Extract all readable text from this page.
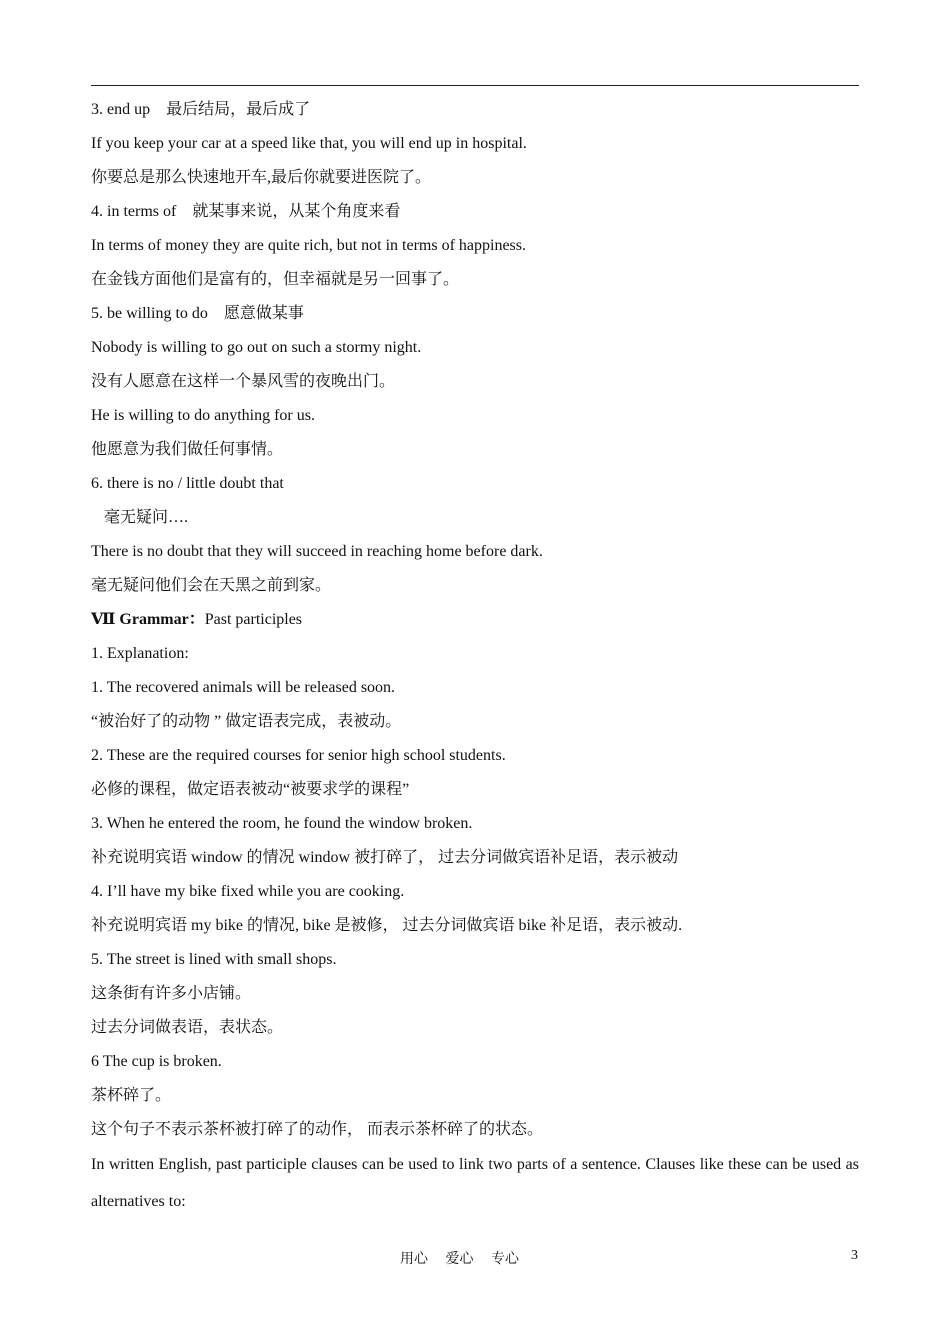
3. end up　最后结局，最后成了
If you keep your car at a speed like that, you will end up in hospital.
你要总是那么快速地开车,最后你就要进医院了。
4. in terms of　就某事来说，从某个角度来看
In terms of money they are quite rich, but not in terms of happiness.
在金钱方面他们是富有的，但幸福就是另一回事了。
5. be willing to do　愿意做某事
Nobody is willing to go out on such a stormy night.
没有人愿意在这样一个暴风雪的夜晚出门。
He is willing to do anything for us.
他愿意为我们做任何事情。
6. there is no / little doubt that
毫无疑问….
There is no doubt that they will succeed in reaching home before dark.
毫无疑问他们会在天黑之前到家。
Ⅶ Grammar：Past participles
1. Explanation:
1. The recovered animals will be released soon.
“被治好了的动物 ” 做定语表完成，表被动。
2. These are the required courses for senior high school students.
必修的课程，做定语表被动“被要求学的课程”
3. When he entered the room, he found the window broken.
补充说明宾语 window 的情况 window 被打碎了， 过去分词做宾语补足语，表示被动
4. I’ll have my bike fixed while you are cooking.
补充说明宾语 my bike 的情况, bike 是被修， 过去分词做宾语 bike 补足语，表示被动.
5. The street is lined with small shops.
这条街有许多小店铺。
过去分词做表语，表状态。
6 The cup is broken.
茶杯碎了。
这个句子不表示茶杯被打碎了的动作， 而表示茶杯碎了的状态。
In written English, past participle clauses can be used to link two parts of a sentence. Clauses like these can be used as alternatives to:
用心　 爱心　 专心	3
